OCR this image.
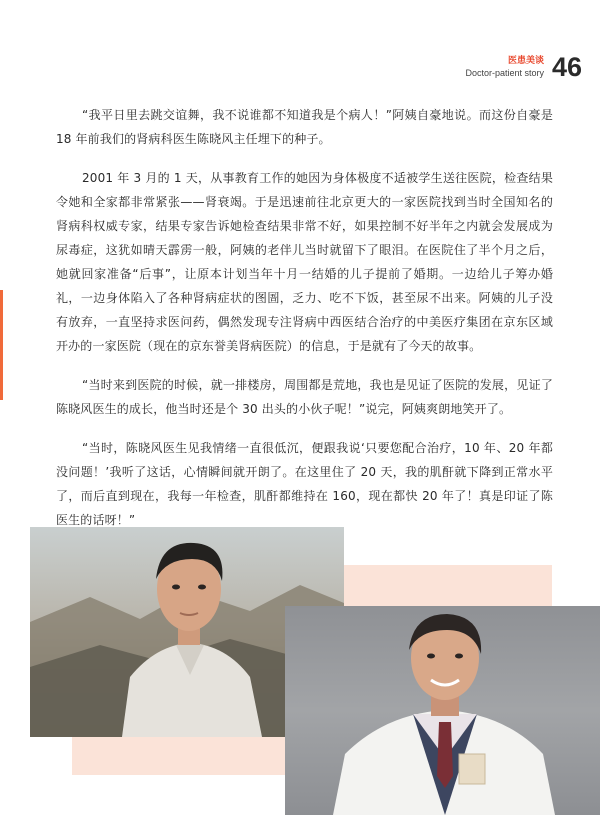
医患美谈
Doctor-patient story 46

“我平日里去跳交谊舞，我不说谁都不知道我是个病人！”阿姨自豪地说。而这份自豪是 18 年前我们的肾病科医生陈晓风主任埋下的种子。

2001 年 3 月的 1 天，从事教育工作的她因为身体极度不适被学生送往医院，检查结果令她和全家都非常紧张——肾衰竭。于是迅速前往北京更大的一家医院找到当时全国知名的肾病科权威专家，结果专家告诉她检查结果非常不好，如果控制不好半年之内就会发展成为尿毒症，这犹如晴天霹雳一般，阿姨的老伴儿当时就留下了眼泪。在医院住了半个月之后，她就回家准备“后事”，让原本计划当年十月一结婚的儿子提前了婚期。一边给儿子筹办婚礼，一边身体陷入了各种肾病症状的图圄，乏力、吃不下饭，甚至尿不出来。阿姨的儿子没有放弃，一直坚持求医问药，偶然发现专注肾病中西医结合治疗的中美医疗集团在京东区域开办的一家医院（现在的京东誉美肾病医院）的信息，于是就有了今天的故事。

“当时来到医院的时候，就一排楼房，周围都是荒地，我也是见证了医院的发展，见证了陈晓风医生的成长，他当时还是个 30 出头的小伙子呢！”说完，阿姨爽朗地笑开了。

“当时，陈晓风医生见我情绪一直很低沉，便跟我说‘只要您配合治疗，10 年、20 年都没问题！’我听了这话，心情瞬间就开朗了。在这里住了 20 天，我的肌酐就下降到正常水平了，而后直到现在，我每一年检查，肌酐都维持在 160，现在都快 20 年了！真是印证了陈医生的话呀！”
